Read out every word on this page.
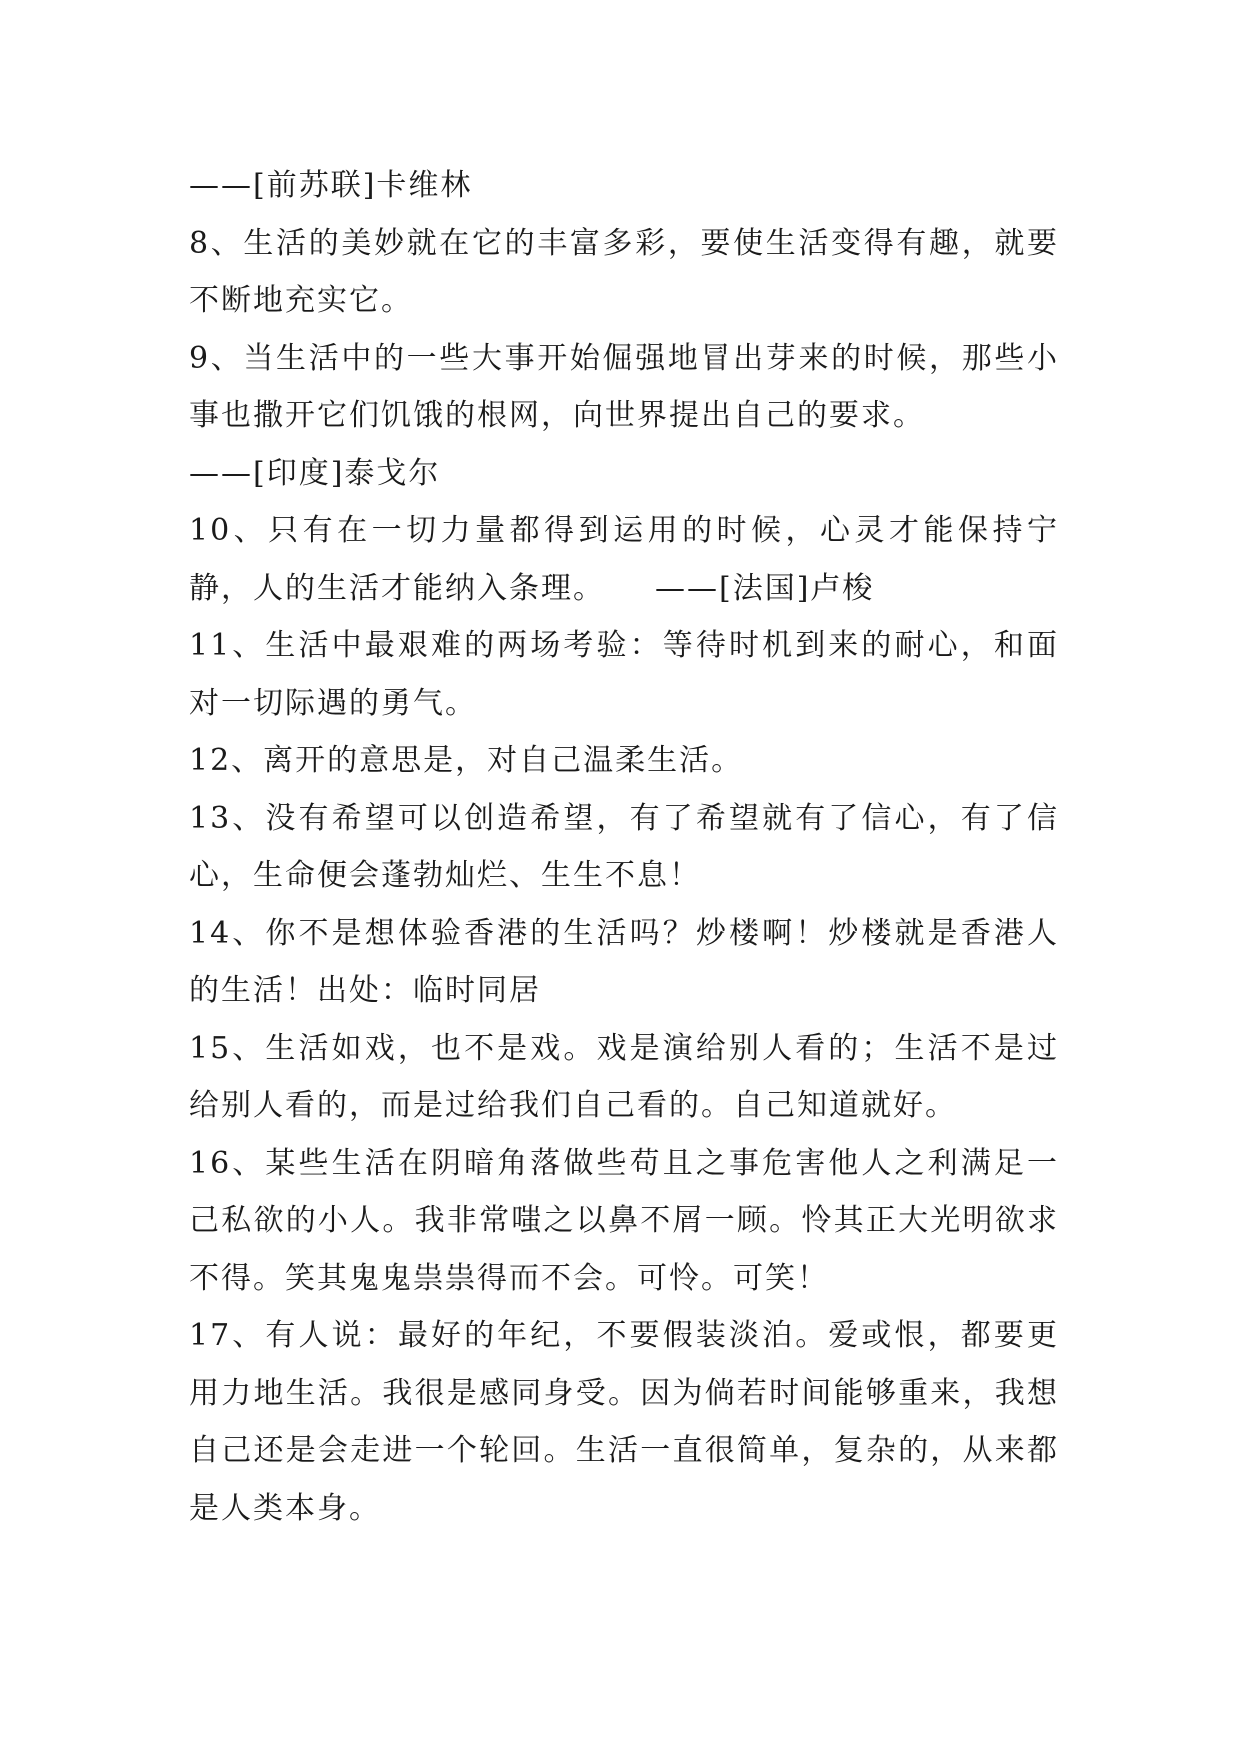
——[前苏联]卡维林

8、生活的美妙就在它的丰富多彩，要使生活变得有趣，就要不断地充实它。

9、当生活中的一些大事开始倔强地冒出芽来的时候，那些小事也撒开它们饥饿的根网，向世界提出自己的要求。

——[印度]泰戈尔

10、只有在一切力量都得到运用的时候，心灵才能保持宁静，人的生活才能纳入条理。 ——[法国]卢梭

11、生活中最艰难的两场考验：等待时机到来的耐心，和面对一切际遇的勇气。

12、离开的意思是，对自己温柔生活。

13、没有希望可以创造希望，有了希望就有了信心，有了信心，生命便会蓬勃灿烂、生生不息！

14、你不是想体验香港的生活吗？炒楼啊！炒楼就是香港人的生活！出处：临时同居

15、生活如戏，也不是戏。戏是演给别人看的；生活不是过给别人看的，而是过给我们自己看的。自己知道就好。

16、某些生活在阴暗角落做些苟且之事危害他人之利满足一己私欲的小人。我非常嗤之以鼻不屑一顾。怜其正大光明欲求不得。笑其鬼鬼祟祟得而不会。可怜。可笑！

17、有人说：最好的年纪，不要假装淡泊。爱或恨，都要更用力地生活。我很是感同身受。因为倘若时间能够重来，我想自己还是会走进一个轮回。生活一直很简单，复杂的，从来都是人类本身。
